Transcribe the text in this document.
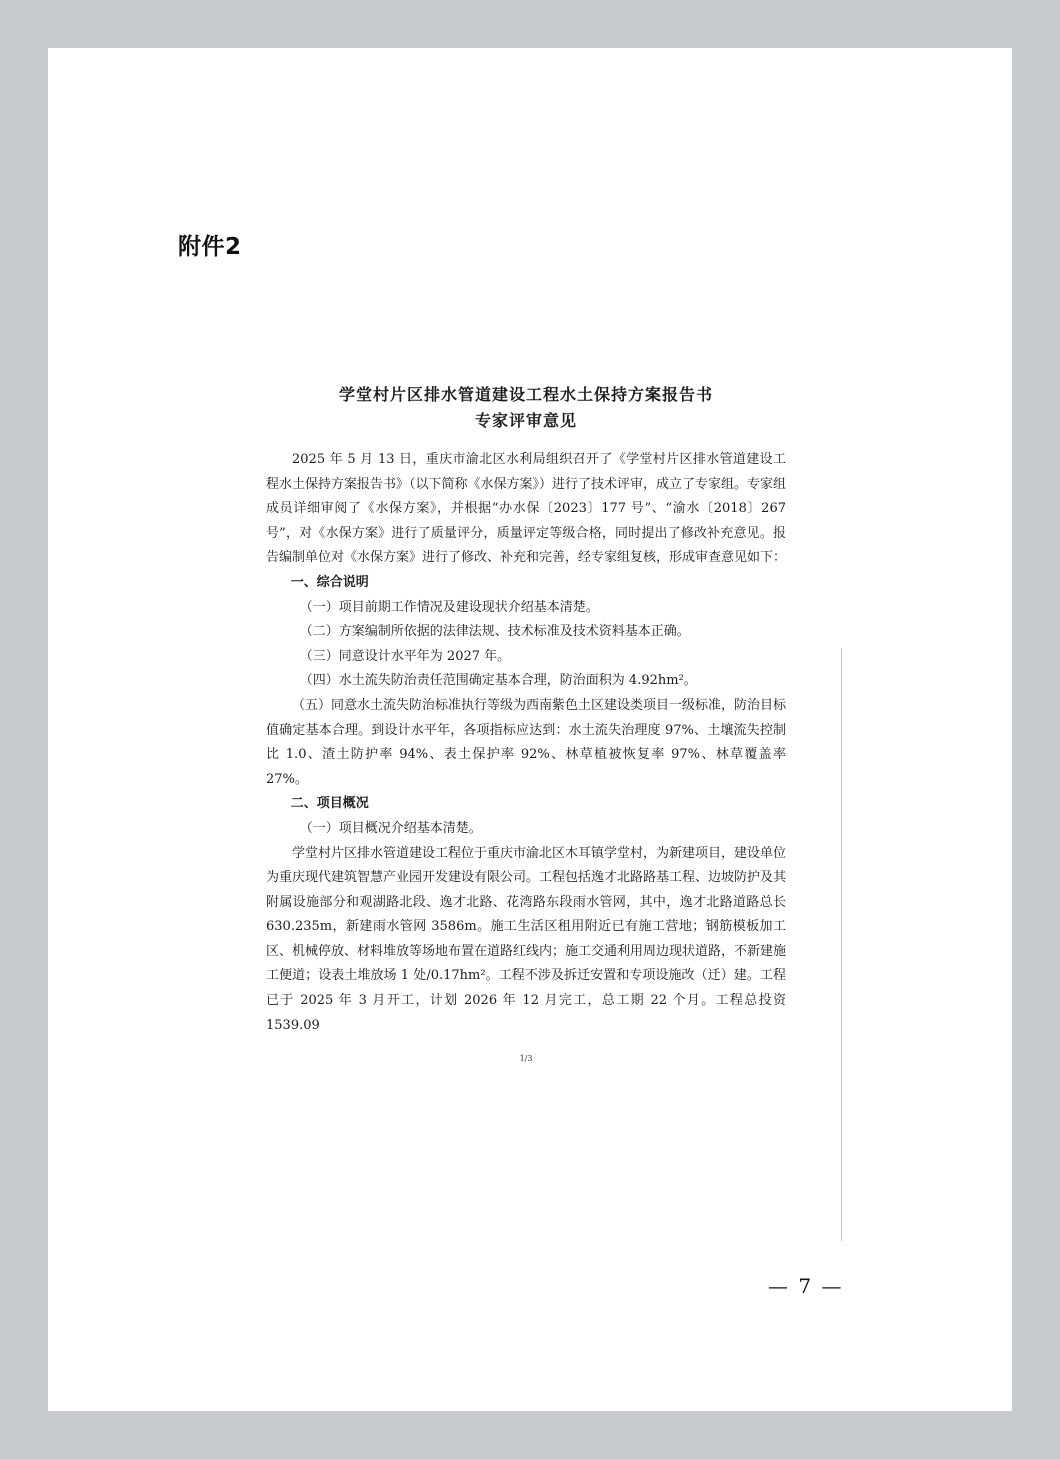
附件2
学堂村片区排水管道建设工程水土保持方案报告书
专家评审意见

2025 年 5 月 13 日，重庆市渝北区水利局组织召开了《学堂村片区排水管道建设工程水土保持方案报告书》（以下简称《水保方案》）进行了技术评审，成立了专家组。专家组成员详细审阅了《水保方案》，并根据“办水保〔2023〕177 号”、“渝水〔2018〕267 号”，对《水保方案》进行了质量评分，质量评定等级合格，同时提出了修改补充意见。报告编制单位对《水保方案》进行了修改、补充和完善，经专家组复核，形成审查意见如下：

一、综合说明

（一）项目前期工作情况及建设现状介绍基本清楚。

（二）方案编制所依据的法律法规、技术标准及技术资料基本正确。

（三）同意设计水平年为 2027 年。

（四）水土流失防治责任范围确定基本合理，防治面积为 4.92hm²。

（五）同意水土流失防治标准执行等级为西南紫色土区建设类项目一级标准，防治目标值确定基本合理。到设计水平年，各项指标应达到：水土流失治理度 97%、土壤流失控制比 1.0、渣土防护率 94%、表土保护率 92%、林草植被恢复率 97%、林草覆盖率 27%。

二、项目概况

（一）项目概况介绍基本清楚。

学堂村片区排水管道建设工程位于重庆市渝北区木耳镇学堂村，为新建项目，建设单位为重庆现代建筑智慧产业园开发建设有限公司。工程包括逸才北路路基工程、边坡防护及其附属设施部分和观湖路北段、逸才北路、花湾路东段雨水管网，其中，逸才北路道路总长 630.235m，新建雨水管网 3586m。施工生活区租用附近已有施工营地；钢筋模板加工区、机械停放、材料堆放等场地布置在道路红线内；施工交通利用周边现状道路，不新建施工便道；设表土堆放场 1 处/0.17hm²。工程不涉及拆迁安置和专项设施改（迁）建。工程已于 2025 年 3 月开工，计划 2026 年 12 月完工，总工期 22 个月。工程总投资 1539.09

1/3
— 7 —
